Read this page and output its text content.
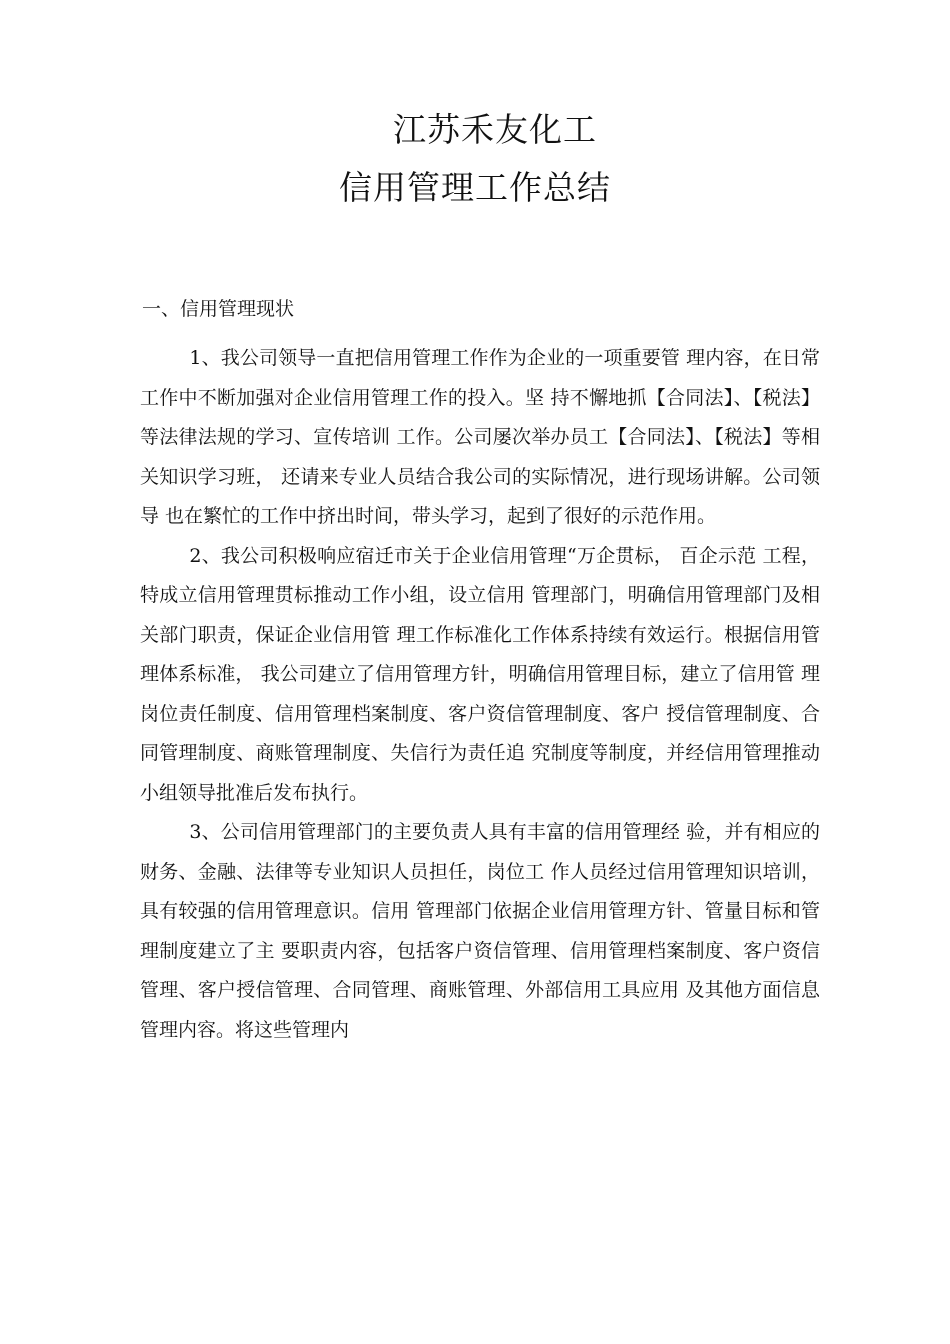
江苏禾友化工
信用管理工作总结
一、信用管理现状

1、我公司领导一直把信用管理工作作为企业的一项重要管 理内容，在日常工作中不断加强对企业信用管理工作的投入。坚 持不懈地抓【合同法】、【税法】等法律法规的学习、宣传培训 工作。公司屡次举办员工【合同法】、【税法】等相关知识学习班， 还请来专业人员结合我公司的实际情况，进行现场讲解。公司领导 也在繁忙的工作中挤出时间，带头学习，起到了很好的示范作用。

2、我公司积极响应宿迁市关于企业信用管理“万企贯标， 百企示范 工程，特成立信用管理贯标推动工作小组，设立信用 管理部门，明确信用管理部门及相关部门职责，保证企业信用管 理工作标准化工作体系持续有效运行。根据信用管理体系标准， 我公司建立了信用管理方针，明确信用管理目标，建立了信用管 理岗位责任制度、信用管理档案制度、客户资信管理制度、客户 授信管理制度、合同管理制度、商账管理制度、失信行为责任追 究制度等制度，并经信用管理推动小组领导批准后发布执行。

3、公司信用管理部门的主要负责人具有丰富的信用管理经 验，并有相应的财务、金融、法律等专业知识人员担任，岗位工 作人员经过信用管理知识培训，具有较强的信用管理意识。信用 管理部门依据企业信用管理方针、管量目标和管理制度建立了主 要职责内容，包括客户资信管理、信用管理档案制度、客户资信 管理、客户授信管理、合同管理、商账管理、外部信用工具应用 及其他方面信息管理内容。将这些管理内
